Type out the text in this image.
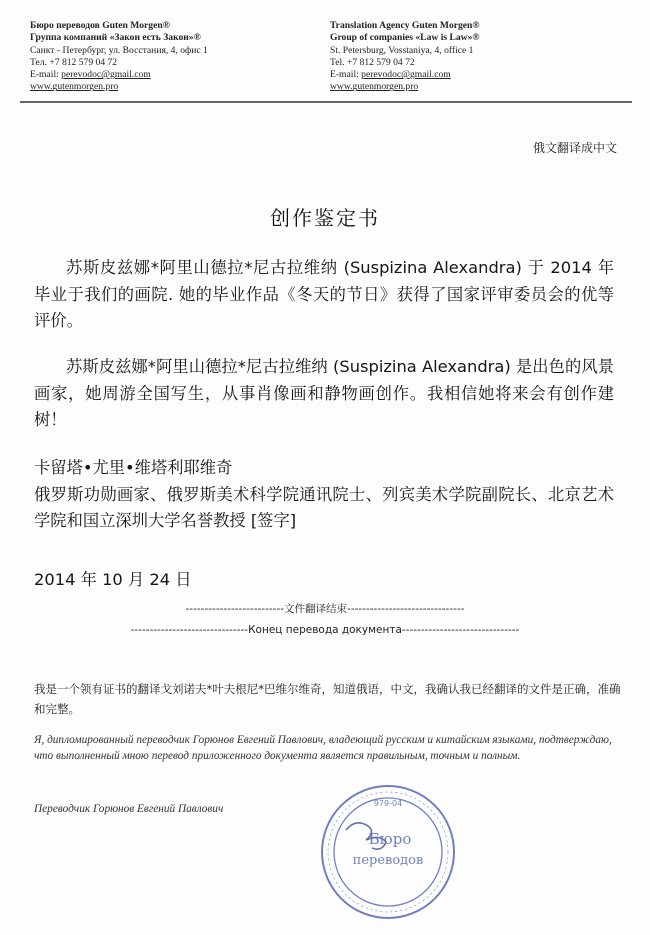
Бюро переводов Guten Morgen®
Группа компаний «Закон есть Закон»®
Санкт - Петербург, ул. Восстания, 4, офис 1
Тел. +7 812 579 04 72
E-mail: perevodoc@gmail.com
www.gutenmorgen.pro
Translation Agency Guten Morgen®
Group of companies «Law is Law»®
St. Petersburg, Vosstaniya, 4, office 1
Tel. +7 812 579 04 72
E-mail: perevodoc@gmail.com
www.gutenmorgen.pro
俄文翻译成中文
创作鉴定书
苏斯皮兹娜*阿里山德拉*尼古拉维纳 (Suspizina Alexandra) 于 2014 年 毕业于我们的画院. 她的毕业作品《冬天的节日》获得了国家评审委员会的优等评价。
苏斯皮兹娜*阿里山德拉*尼古拉维纳 (Suspizina Alexandra) 是出色的风景画家，她周游全国写生，从事肖像画和静物画创作。我相信她将来会有创作建树！
卡留塔•尤里•维塔利耶维奇
俄罗斯功勋画家、俄罗斯美术科学院通讯院士、列宾美术学院副院长、北京艺术学院和国立深圳大学名誉教授 [签字]
2014 年 10 月 24 日
--------------------------文件翻译结束-------------------------------
-------------------------------Конец перевода документа-------------------------------
我是一个领有证书的翻译戈刘诺夫*叶夫根尼*巴维尔维奇，知道俄语，中文，我确认我已经翻译的文件是正确，准确和完整。
Я, дипломированный переводчик Горюнов Евгений Павлович, владеющий русским и китайским языками, подтверждаю, что выполненный мною перевод приложенного документа является правильным, точным и полным.
Переводчик Горюнов Евгений Павлович	979-04
Бюро
переводов
